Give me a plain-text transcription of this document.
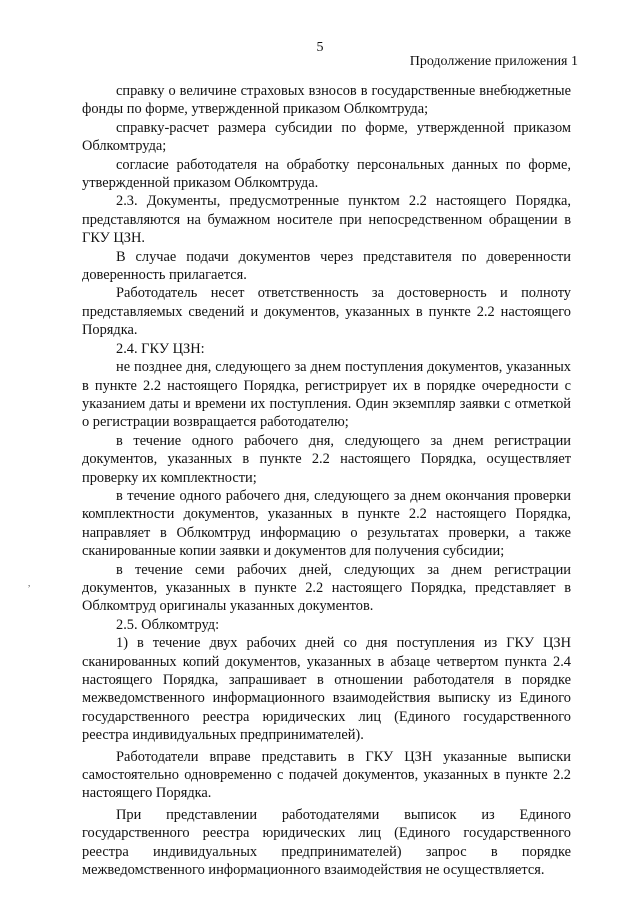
5
Продолжение приложения 1
,

справку о величине страховых взносов в государственные внебюджетные фонды по форме, утвержденной приказом Облкомтруда;

справку-расчет размера субсидии по форме, утвержденной приказом Облкомтруда;

согласие работодателя на обработку персональных данных по форме, утвержденной приказом Облкомтруда.

2.3. Документы, предусмотренные пунктом 2.2 настоящего Порядка, представляются на бумажном носителе при непосредственном обращении в ГКУ ЦЗН.

В случае подачи документов через представителя по доверенности доверенность прилагается.

Работодатель несет ответственность за достоверность и полноту представляемых сведений и документов, указанных в пункте 2.2 настоящего Порядка.

2.4. ГКУ ЦЗН:

не позднее дня, следующего за днем поступления документов, указанных в пункте 2.2 настоящего Порядка, регистрирует их в порядке очередности с указанием даты и времени их поступления. Один экземпляр заявки с отметкой о регистрации возвращается работодателю;

в течение одного рабочего дня, следующего за днем регистрации документов, указанных в пункте 2.2 настоящего Порядка, осуществляет проверку их комплектности;

в течение одного рабочего дня, следующего за днем окончания проверки комплектности документов, указанных в пункте 2.2 настоящего Порядка, направляет в Облкомтруд информацию о результатах проверки, а также сканированные копии заявки и документов для получения субсидии;

в течение семи рабочих дней, следующих за днем регистрации документов, указанных в пункте 2.2 настоящего Порядка, представляет в Облкомтруд оригиналы указанных документов.

2.5. Облкомтруд:

1) в течение двух рабочих дней со дня поступления из ГКУ ЦЗН сканированных копий документов, указанных в абзаце четвертом пункта 2.4 настоящего Порядка, запрашивает в отношении работодателя в порядке межведомственного информационного взаимодействия выписку из Единого государственного реестра юридических лиц (Единого государственного реестра индивидуальных предпринимателей).

Работодатели вправе представить в ГКУ ЦЗН указанные выписки самостоятельно одновременно с подачей документов, указанных в пункте 2.2 настоящего Порядка.

При представлении работодателями выписок из Единого государственного реестра юридических лиц (Единого государственного реестра индивидуальных предпринимателей) запрос в порядке межведомственного информационного взаимодействия не осуществляется.
